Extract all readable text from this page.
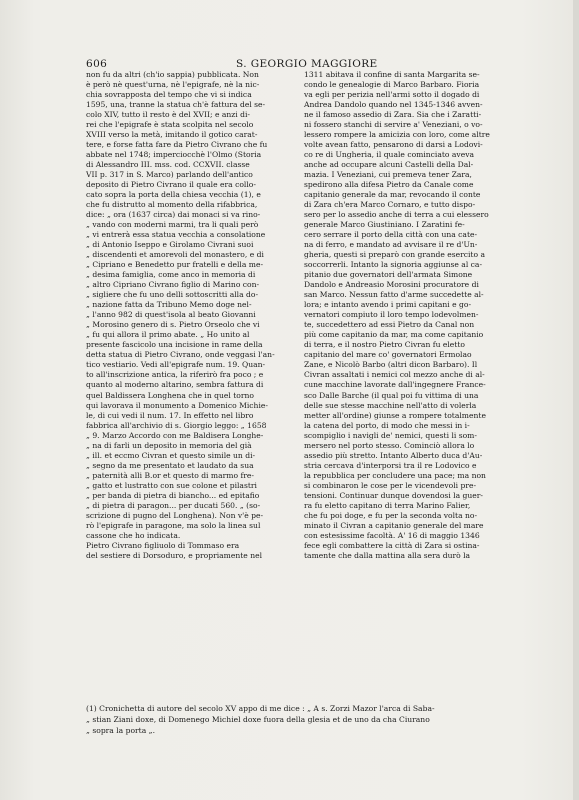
606	S. GEORGIO MAGGIORE

non fu da altri (ch'io sappia) pubblicata. Non

è però nè quest'urna, nè l'epigrafe, nè la nic-

chia sovrapposta del tempo che vi si indica

1595, una, tranne la statua ch'è fattura del se-

colo XIV, tutto il resto è del XVII; e anzi di-

rei che l'epigrafe è stata scolpita nel secolo

XVIII verso la metà, imitando il gotico carat-

tere, e forse fatta fare da Pietro Civrano che fu

abbate nel 1748; imperciocchè l'Olmo (Storia

di Alessandro III. mss. cod. CCXVII. classe

VII p. 317 in S. Marco) parlando dell'antico

deposito di Pietro Civrano il quale era collo-

cato sopra la porta della chiesa vecchia (1), e

che fu distrutto al momento della rifabbrica,

dice: „ ora (1637 circa) dai monaci si va rino-

„ vando con moderni marmi, tra li quali però

„ vi entrerà essa statua vecchia a consolatione

„ di Antonio Iseppo e Girolamo Civrani suoi

„ discendenti et amorevoli del monastero, e di

„ Cipriano e Benedetto pur fratelli e della me-

„ desima famiglia, come anco in memoria di

„ altro Cipriano Civrano figlio di Marino con-

„ sigliere che fu uno delli sottoscritti alla do-

„ nazione fatta da Tribuno Memo doge nel-

„ l'anno 982 di quest'isola al beato Giovanni

„ Morosino genero di s. Pietro Orseolo che vi

„ fu qui allora il primo abate. „ Ho unito al

presente fascicolo una incisione in rame della

detta statua di Pietro Civrano, onde veggasi l'an-

tico vestiario. Vedi all'epigrafe num. 19. Quan-

to all'inscrizione antica, la riferirò fra poco ; e

quanto al moderno altarino, sembra fattura di

quel Baldissera Longhena che in quel torno

qui lavorava il monumento a Domenico Michie-

le, di cui vedi il num. 17. In effetto nel libro

fabbrica all'archivio di s. Giorgio leggo: „ 1658

„ 9. Marzo Accordo con me Baldisera Longhe-

„ na di farli un deposito in memoria del già

„ ill. et eccmo Civran et questo simile un di-

„ segno da me presentato et laudato da sua

„ paternità alli B.or et questo di marmo fre-

„ gatto et lustratto con sue colone et pilastri

„ per banda di pietra di biancho... ed epitafio

„ di pietra di paragon... per ducati 560. „ (so-

scrizione di pugno del Longhena). Non v'è pe-

rò l'epigrafe in paragone, ma solo la linea sul

cassone che ho indicata.

Pietro Civrano figliuolo di Tommaso era

del sestiere di Dorsoduro, e propriamente nel

1311 abitava il confine di santa Margarita se-

condo le genealogie di Marco Barbaro. Fioria

va egli per perizia nell'armi sotto il dogado di

Andrea Dandolo quando nel 1345-1346 avven-

ne il famoso assedio di Zara. Sia che i Zaratti-

ni fossero stanchi di servire a' Veneziani, o vo-

lessero rompere la amicizia con loro, come altre

volte avean fatto, pensarono di darsi a Lodovi-

co re di Ungheria, il quale cominciato aveva

anche ad occupare alcuni Castelli della Dal-

mazia. I Veneziani, cui premeva tener Zara,

spedirono alla difesa Pietro da Canale come

capitanio generale da mar, revocando il conte

di Zara ch'era Marco Cornaro, e tutto dispo-

sero per lo assedio anche di terra a cui elessero

generale Marco Giustiniano. I Zaratini fe-

cero serrare il porto della città con una cate-

na di ferro, e mandato ad avvisare il re d'Un-

gheria, questi si preparò con grande esercito a

soccorrerli. Intanto la signoria aggiunse al ca-

pitanio due governatori dell'armata Simone

Dandolo e Andreasio Morosini procuratore di

san Marco. Nessun fatto d'arme succedette al-

lora; e intanto avendo i primi capitani e go-

vernatori compiuto il loro tempo lodevolmen-

te, succedettero ad essi Pietro da Canal non

più come capitanio da mar, ma come capitanio

di terra, e il nostro Pietro Civran fu eletto

capitanio del mare co' governatori Ermolao

Zane, e Nicolò Barbo (altri dicon Barbaro). Il

Civran assaltati i nemici col mezzo anche di al-

cune macchine lavorate dall'ingegnere France-

sco Dalle Barche (il qual poi fu vittima di una

delle sue stesse macchine nell'atto di volerla

metter all'ordine) giunse a rompere totalmente

la catena del porto, di modo che messi in i-

scompiglio i navigli de' nemici, questi li som-

mersero nel porto stesso. Cominciò allora lo

assedio più stretto. Intanto Alberto duca d'Au-

stria cercava d'interporsi tra il re Lodovico e

la repubblica per concludere una pace; ma non

si combinaron le cose per le vicendevoli pre-

tensioni. Continuar dunque dovendosi la guer-

ra fu eletto capitano di terra Marino Falier,

che fu poi doge, e fu per la seconda volta no-

minato il Civran a capitanio generale del mare

con estesissime facoltà. A' 16 di maggio 1346

fece egli combattere la città di Zara si ostina-

tamente che dalla mattina alla sera durò la

(1) Cronichetta di autore del secolo XV appo di me dice : „ A s. Zorzi Mazor l'arca di Saba-

„ stian Ziani doxe, di Domenego Michiel doxe fuora della glesia et de uno da cha Ciurano

„ sopra la porta „.
